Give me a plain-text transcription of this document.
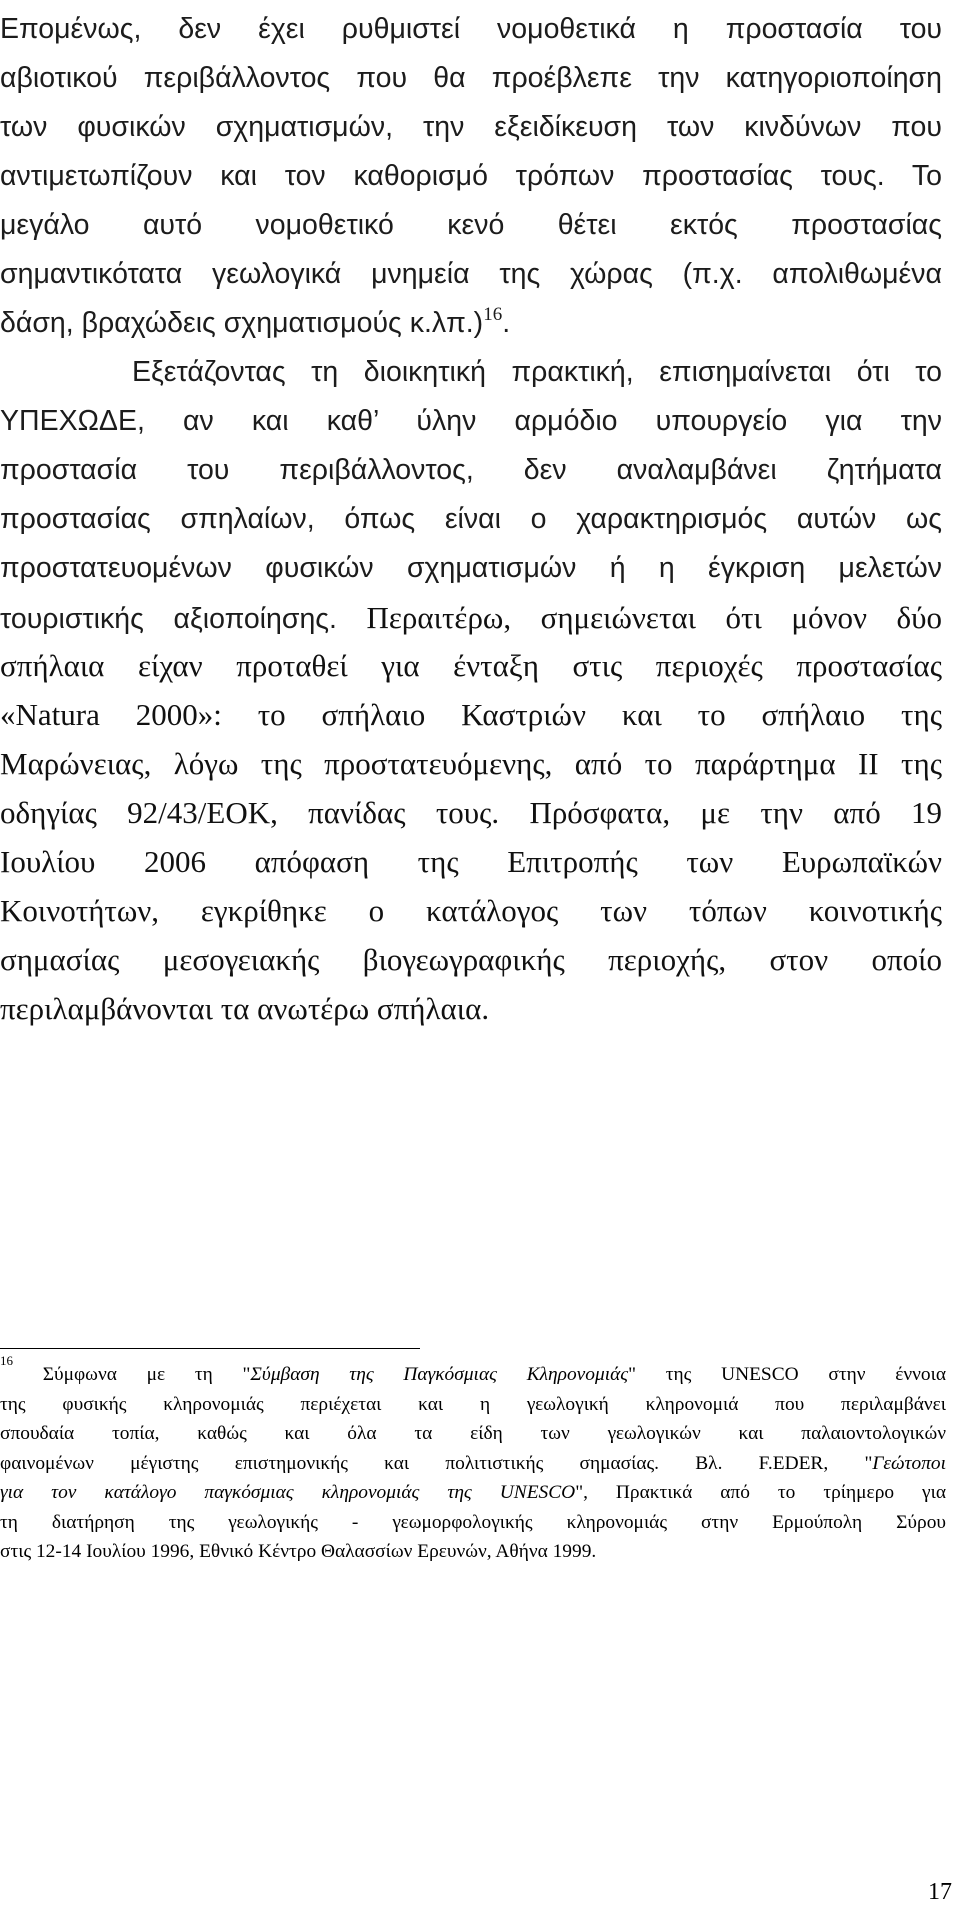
Επομένως, δεν έχει ρυθμιστεί νομοθετικά η προστασία του
αβιοτικού περιβάλλοντος που θα προέβλεπε την κατηγοριοποίηση
των φυσικών σχηματισμών, την εξειδίκευση των κινδύνων που
αντιμετωπίζουν και τον καθορισμό τρόπων προστασίας τους. Το
μεγάλο αυτό νομοθετικό κενό θέτει εκτός προστασίας
σημαντικότατα γεωλογικά μνημεία της χώρας (π.χ. απολιθωμένα
δάση, βραχώδεις σχηματισμούς κ.λπ.)$^{16}$.
Εξετάζοντας τη διοικητική πρακτική, επισημαίνεται ότι το
ΥΠΕΧΩΔΕ, αν και καθ’ ύλην αρμόδιο υπουργείο για την
προστασία του περιβάλλοντος, δεν αναλαμβάνει ζητήματα
προστασίας σπηλαίων, όπως είναι ο χαρακτηρισμός αυτών ως
προστατευομένων φυσικών σχηματισμών ή η έγκριση μελετών
τουριστικής αξιοποίησης. Περαιτέρω, σημειώνεται ότι μόνον δύο
σπήλαια είχαν προταθεί για ένταξη στις περιοχές προστασίας
«Natura 2000»: το σπήλαιο Καστριών και το σπήλαιο της
Μαρώνειας, λόγω της προστατευόμενης, από το παράρτημα ΙΙ της
οδηγίας 92/43/ΕΟΚ, πανίδας τους. Πρόσφατα, με την από 19
Ιουλίου 2006 απόφαση της Επιτροπής των Ευρωπαϊκών
Κοινοτήτων, εγκρίθηκε ο κατάλογος των τόπων κοινοτικής
σημασίας μεσογειακής βιογεωγραφικής περιοχής, στον οποίο
περιλαμβάνονται τα ανωτέρω σπήλαια.
$^{16}$ Σύμφωνα με τη "Σύμβαση της Παγκόσμιας Κληρονομιάς" της UNESCO στην έννοια
της φυσικής κληρονομιάς περιέχεται και η γεωλογική κληρονομιά που περιλαμβάνει
σπουδαία τοπία, καθώς και όλα τα είδη των γεωλογικών και παλαιοντολογικών
φαινομένων μέγιστης επιστημονικής και πολιτιστικής σημασίας. Βλ. F.EDER, "Γεώτοποι
για τον κατάλογο παγκόσμιας κληρονομιάς της UNESCO", Πρακτικά από το τρίημερο για
τη διατήρηση της γεωλογικής - γεωμορφολογικής κληρονομιάς στην Ερμούπολη Σύρου
στις 12-14 Ιουλίου 1996, Εθνικό Κέντρο Θαλασσίων Ερευνών, Αθήνα 1999.
17
